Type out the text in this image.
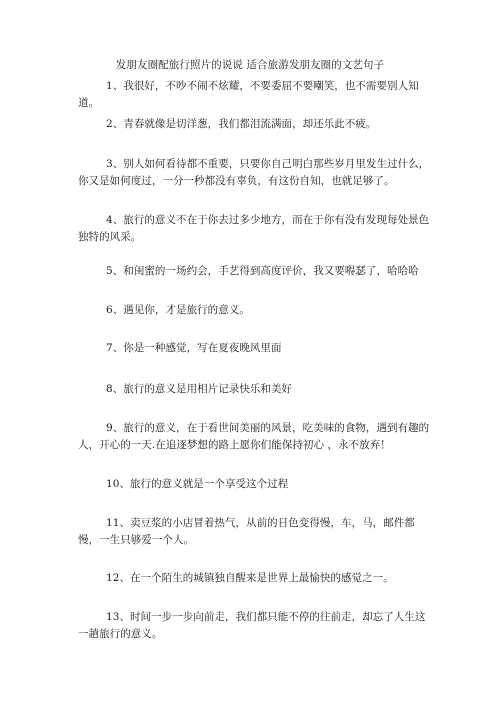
发朋友圈配旅行照片的说说 适合旅游发朋友圈的文艺句子

1、我很好，不吵不闹不炫耀，不要委屈不要嘲笑，也不需要别人知道。

2、青春就像是切洋葱，我们都泪流满面，却还乐此不疲。

3、别人如何看待都不重要，只要你自己明白那些岁月里发生过什么，你又是如何度过，一分一秒都没有辜负，有这份自知，也就足够了。

4、旅行的意义不在于你去过多少地方，而在于你有没有发现每处景色独特的风采。

5、和闺蜜的一场约会，手艺得到高度评价，我又要嘚瑟了，哈哈哈

6、遇见你，才是旅行的意义。

7、你是一种感觉，写在夏夜晚风里面

8、旅行的意义是用相片记录快乐和美好

9、旅行的意义，在于看世间美丽的风景，吃美味的食物，遇到有趣的人，开心的一天.在追逐梦想的路上愿你们能保持初心 ，永不放弃！

10、旅行的意义就是一个享受这个过程

11、卖豆浆的小店冒着热气，从前的日色变得慢，车，马，邮件都慢，一生只够爱一个人。

12、在一个陌生的城镇独自醒来是世界上最愉快的感觉之一。

13、时间一步一步向前走，我们都只能不停的往前走，却忘了人生这一趟旅行的意义。
